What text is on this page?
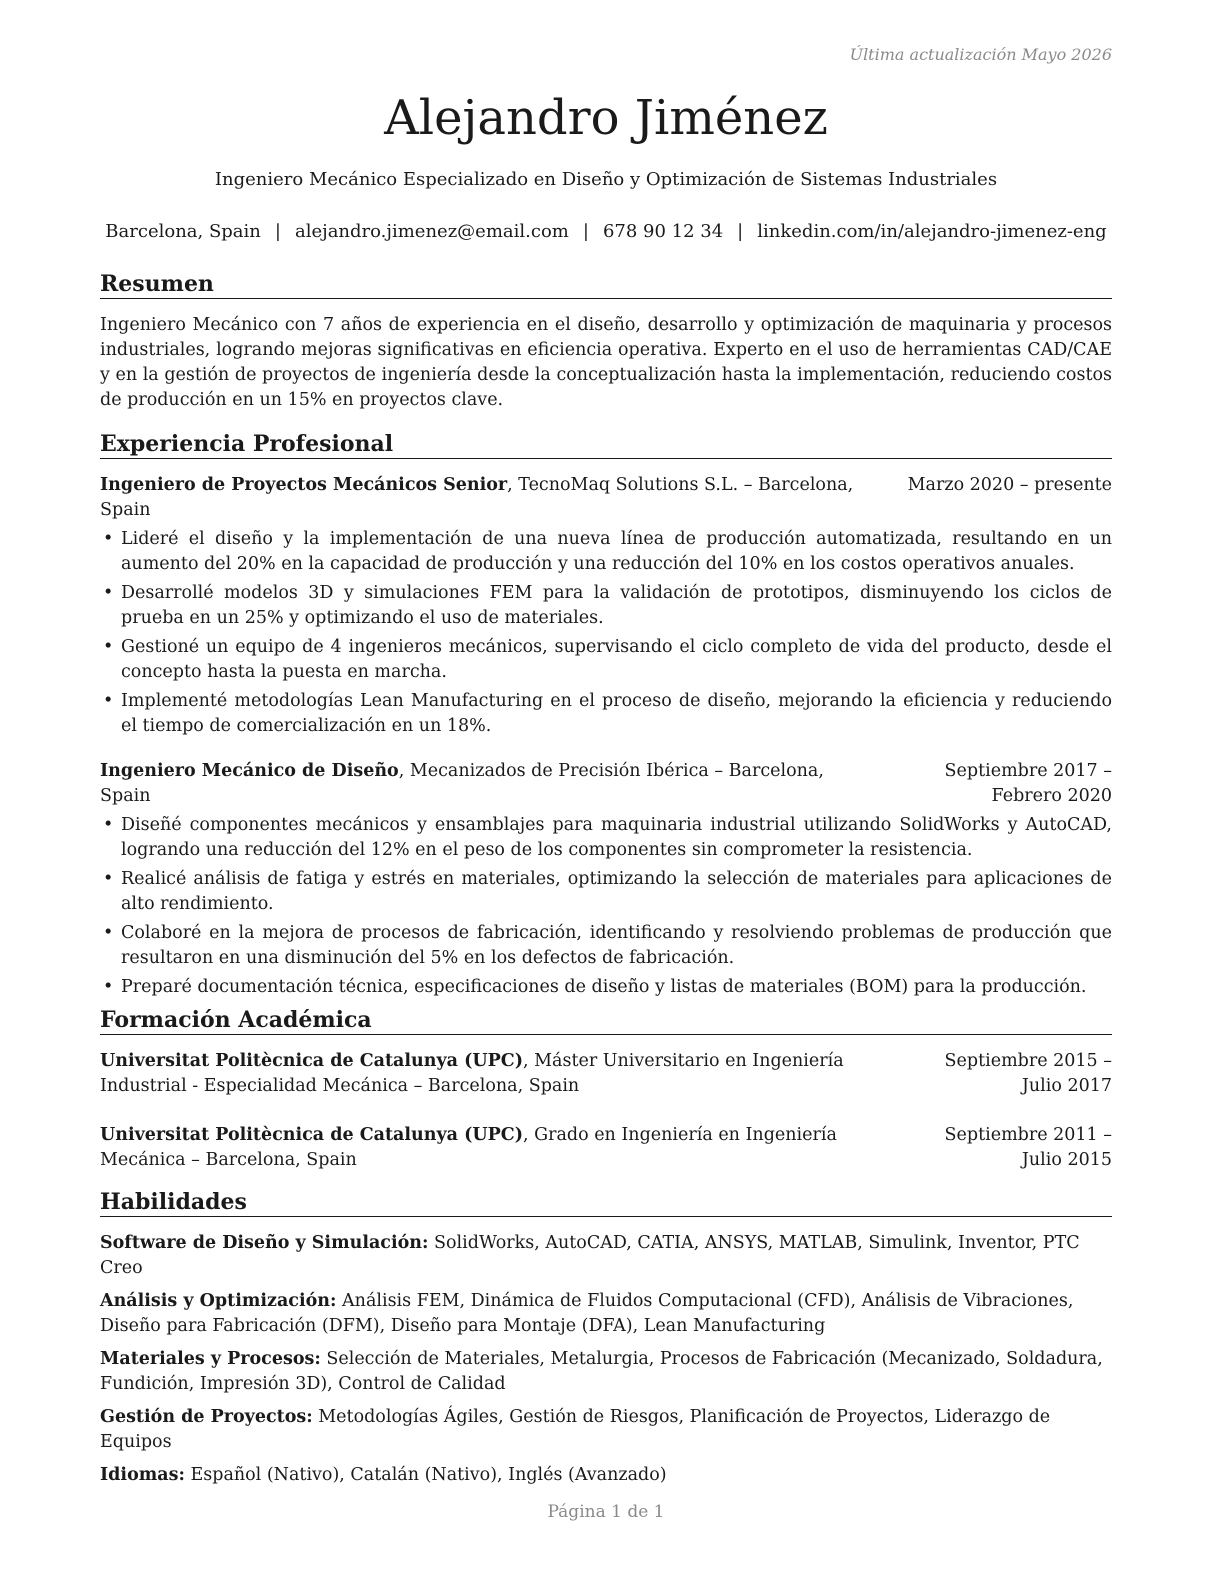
Última actualización Mayo 2026
Alejandro Jiménez
Ingeniero Mecánico Especializado en Diseño y Optimización de Sistemas Industriales
Barcelona, Spain | alejandro.jimenez@email.com | 678 90 12 34 | linkedin.com/in/alejandro-jimenez-eng
Resumen

Ingeniero Mecánico con 7 años de experiencia en el diseño, desarrollo y optimización de maquinaria y procesos industriales, logrando mejoras significativas en eficiencia operativa. Experto en el uso de herramientas CAD/CAE y en la gestión de proyectos de ingeniería desde la conceptualización hasta la implementación, reduciendo costos de producción en un 15% en proyectos clave.

Experiencia Profesional
Ingeniero de Proyectos Mecánicos Senior, TecnoMaq Solutions S.L. – Barcelona, Spain
Marzo 2020 – presente
• Lideré el diseño y la implementación de una nueva línea de producción automatizada, resultando en un aumento del 20% en la capacidad de producción y una reducción del 10% en los costos operativos anuales.
• Desarrollé modelos 3D y simulaciones FEM para la validación de prototipos, disminuyendo los ciclos de prueba en un 25% y optimizando el uso de materiales.
• Gestioné un equipo de 4 ingenieros mecánicos, supervisando el ciclo completo de vida del producto, desde el concepto hasta la puesta en marcha.
• Implementé metodologías Lean Manufacturing en el proceso de diseño, mejorando la eficiencia y reduciendo el tiempo de comercialización en un 18%.
Ingeniero Mecánico de Diseño, Mecanizados de Precisión Ibérica – Barcelona, Spain
Septiembre 2017 – Febrero 2020
• Diseñé componentes mecánicos y ensamblajes para maquinaria industrial utilizando SolidWorks y AutoCAD, logrando una reducción del 12% en el peso de los componentes sin comprometer la resistencia.
• Realicé análisis de fatiga y estrés en materiales, optimizando la selección de materiales para aplicaciones de alto rendimiento.
• Colaboré en la mejora de procesos de fabricación, identificando y resolviendo problemas de producción que resultaron en una disminución del 5% en los defectos de fabricación.
• Preparé documentación técnica, especificaciones de diseño y listas de materiales (BOM) para la producción.
Formación Académica
Universitat Politècnica de Catalunya (UPC), Máster Universitario en Ingeniería Industrial - Especialidad Mecánica – Barcelona, Spain
Septiembre 2015 – Julio 2017
Universitat Politècnica de Catalunya (UPC), Grado en Ingeniería en Ingeniería Mecánica – Barcelona, Spain
Septiembre 2011 – Julio 2015
Habilidades

Software de Diseño y Simulación: SolidWorks, AutoCAD, CATIA, ANSYS, MATLAB, Simulink, Inventor, PTC Creo

Análisis y Optimización: Análisis FEM, Dinámica de Fluidos Computacional (CFD), Análisis de Vibraciones, Diseño para Fabricación (DFM), Diseño para Montaje (DFA), Lean Manufacturing

Materiales y Procesos: Selección de Materiales, Metalurgia, Procesos de Fabricación (Mecanizado, Soldadura, Fundición, Impresión 3D), Control de Calidad

Gestión de Proyectos: Metodologías Ágiles, Gestión de Riesgos, Planificación de Proyectos, Liderazgo de Equipos

Idiomas: Español (Nativo), Catalán (Nativo), Inglés (Avanzado)

Página 1 de 1
